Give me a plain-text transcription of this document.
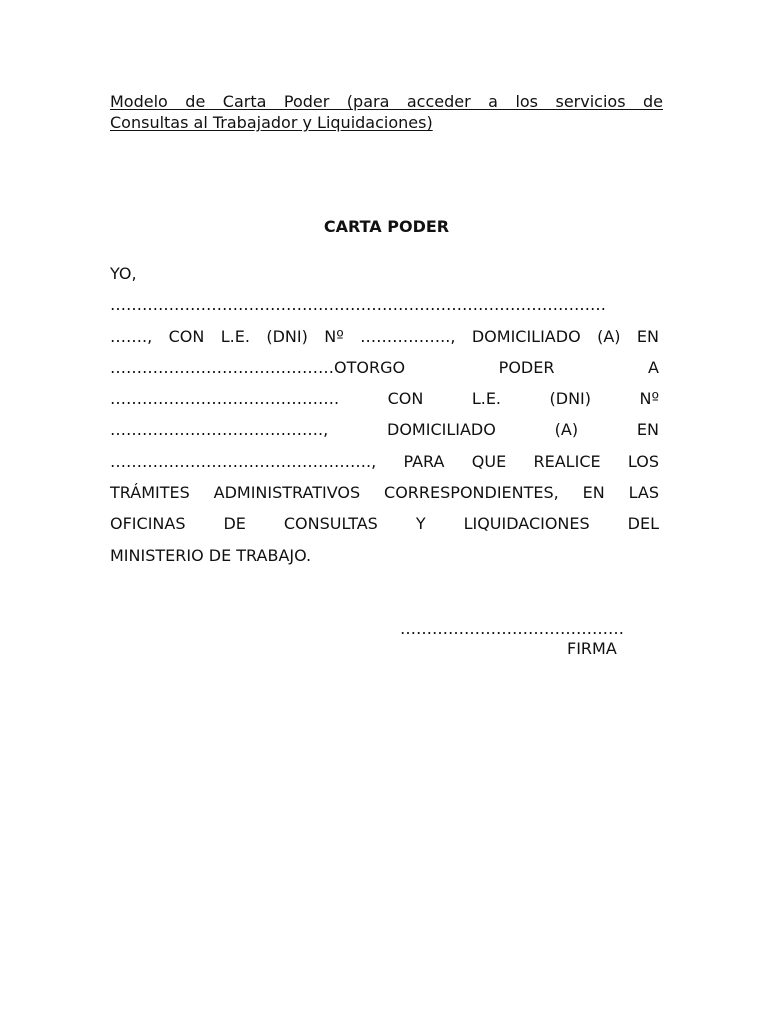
Modelo de Carta Poder (para acceder a los servicios de
Consultas al Trabajador y Liquidaciones)
CARTA PODER
YO,
…………………………………………………………………………………
……., CON L.E. (DNI) Nº …………….., DOMICILIADO (A) EN
……………………………………OTORGO PODER A
……………………………………. CON L.E. (DNI) Nº
…………………………………., DOMICILIADO (A) EN
…………………………………………., PARA QUE REALICE LOS
TRÁMITES ADMINISTRATIVOS CORRESPONDIENTES, EN LAS
OFICINAS DE CONSULTAS Y LIQUIDACIONES DEL
MINISTERIO DE TRABAJO.
……………………………………
FIRMA
